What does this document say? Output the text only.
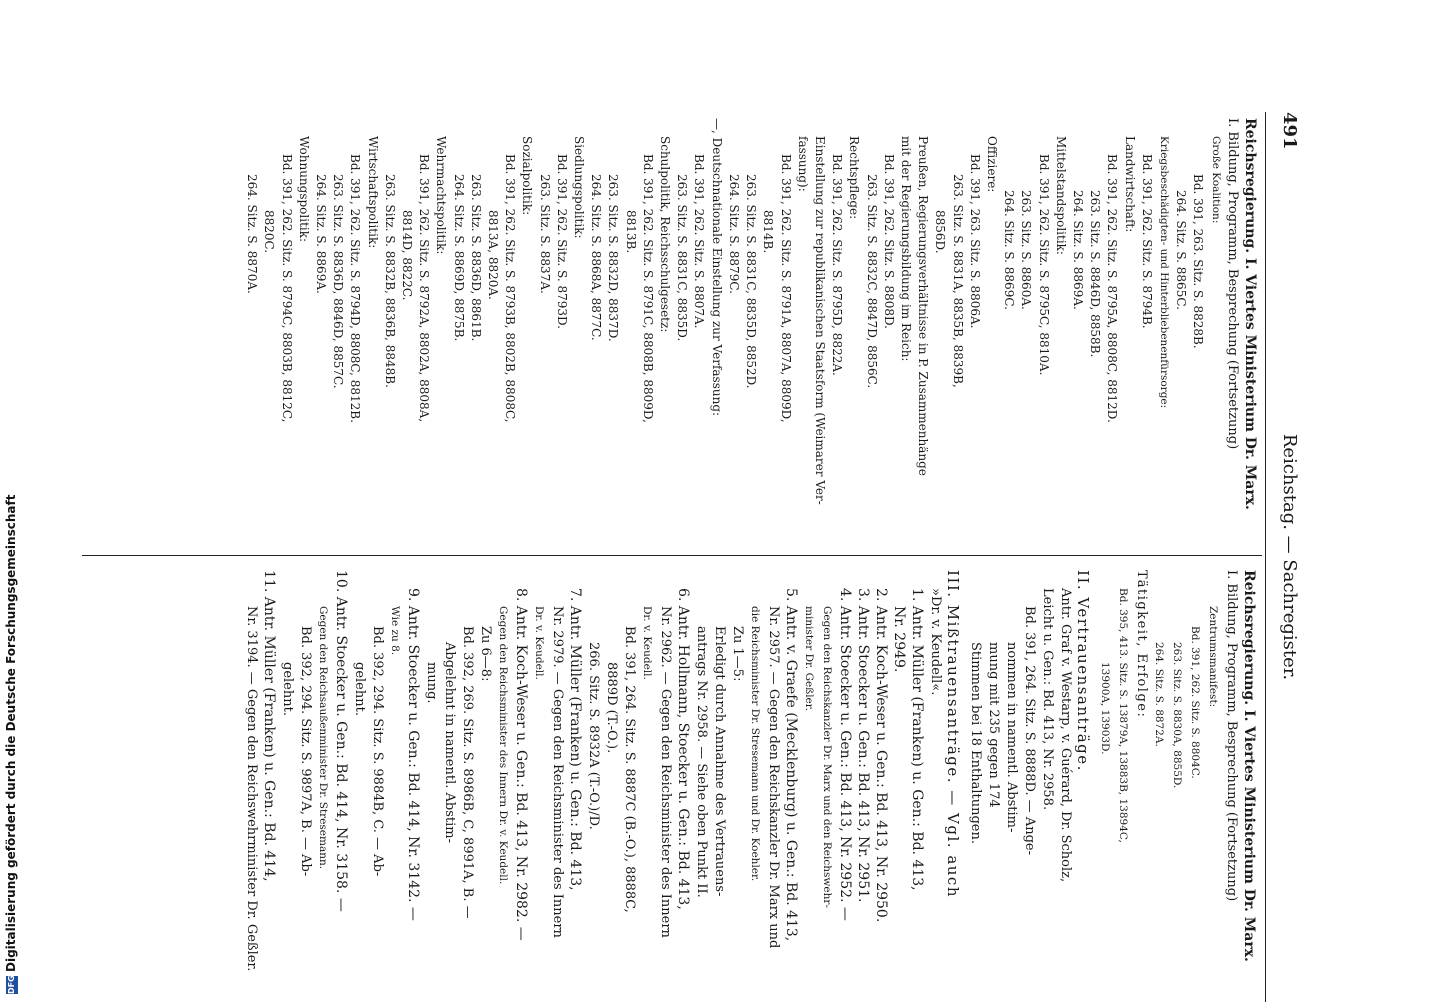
491
Reichstag. — Sachregister.
Reichsregierung. I. Viertes Ministerium Dr. Marx.
I. Bildung, Programm, Besprechung (Fortsetzung)
Große Koalition:
Bd. 391, 263. Sitz. S. 8828B.
264. Sitz. S. 8865C.
Kriegsbeschädigten- und Hinterbliebenenfürsorge:
Bd. 391, 262. Sitz. S. 8794B.
Landwirtschaft:
Bd. 391, 262. Sitz. S. 8795A, 8808C, 8812D.
263. Sitz. S. 8846D, 8858B.
264. Sitz. S. 8869A.
Mittelstandspolitik:
Bd. 391, 262. Sitz. S. 8795C, 8810A.
263. Sitz. S. 8860A.
264. Sitz. S. 8869C.
Offiziere:
Bd. 391, 263. Sitz. S. 8806A.
263. Sitz. S. 8831A, 8835B, 8839B,
8856D.
Preußen, Regierungsverhältnisse in P. Zusammenhänge
mit der Regierungsbildung im Reich:
Bd. 391, 262. Sitz. S. 8808D.
263. Sitz. S. 8832C, 8847D, 8856C.
Rechtspflege:
Bd. 391, 262. Sitz. S. 8795D, 8822A.
Einstellung zur republikanischen Staatsform (Weimarer Ver-
fassung):
Bd. 391, 262. Sitz. S. 8791A, 8807A, 8809D,
8814B.
263. Sitz. S. 8831C, 8835D, 8852D.
264. Sitz. S. 8879C.
—, Deutschnationale Einstellung zur Verfassung:
Bd. 391, 262. Sitz. S. 8807A.
263. Sitz. S. 8831C, 8835D.
Schulpolitik, Reichsschulgesetz:
Bd. 391, 262. Sitz. S. 8791C, 8808B, 8809D,
8813B.
263. Sitz. S. 8832D, 8837D.
264. Sitz. S. 8868A, 8877C.
Siedlungspolitik:
Bd. 391, 262. Sitz. S. 8793D.
263. Sitz. S. 8837A.
Sozialpolitik:
Bd. 391, 262. Sitz. S. 8793B, 8802B, 8808C,
8813A, 8820A.
263. Sitz. S. 8836D, 8861B.
264. Sitz. S. 8869D, 8875B.
Wehrmachtspolitik:
Bd. 391, 262. Sitz. S. 8792A, 8802A, 8808A,
8814D, 8822C.
263. Sitz. S. 8832B, 8836B, 8848B.
Wirtschaftspolitik:
Bd. 391, 262. Sitz. S. 8794D, 8808C, 8812B.
263. Sitz. S. 8836D, 8846D, 8857C.
264. Sitz. S. 8869A.
Wohnungspolitik:
Bd. 391, 262. Sitz. S. 8794C, 8803B, 8812C,
8820C.
264. Sitz. S. 8870A.
Reichsregierung. I. Viertes Ministerium Dr. Marx.
I. Bildung, Programm, Besprechung (Fortsetzung)
Zentrumsmanifest:
Bd. 391, 262. Sitz. S. 8804C.
263. Sitz. S. 8830A, 8855D.
264. Sitz. S. 8872A.
Tätigkeit, Erfolge:
Bd. 395, 413. Sitz. S. 13879A, 13883B, 13894C,
13900A, 13903D.
II. Vertrauensanträge.
Antr. Graf v. Westarp, v. Guérard, Dr. Scholz,
Leicht u. Gen.: Bd. 413, Nr. 2958.
Bd. 391, 264. Sitz. S. 8888D. — Ange-
nommen in namentl. Abstim-
mung mit 235 gegen 174
Stimmen bei 18 Enthaltungen.
III. Mißtrauensanträge. — Vgl. auch
»Dr. v. Keudell«.
1. Antr. Müller (Franken) u. Gen.: Bd. 413,
Nr. 2949.
2. Antr. Koch-Weser u. Gen.: Bd. 413, Nr. 2950.
3. Antr. Stoecker u. Gen.: Bd. 413, Nr. 2951.
4. Antr. Stoecker u. Gen.: Bd. 413, Nr. 2952. —
Gegen den Reichskanzler Dr. Marx und den Reichswehr-
minister Dr. Geßler.
5. Antr. v. Graefe (Mecklenburg) u. Gen.: Bd. 413,
Nr. 2957. — Gegen den Reichskanzler Dr. Marx und
die Reichsminister Dr. Stresemann und Dr. Koehler.
Zu 1—5:
Erledigt durch Annahme des Vertrauens-
antrags Nr. 2958. — Siehe oben Punkt II.
6. Antr. Hollmann, Stoecker u. Gen.: Bd. 413,
Nr. 2962. — Gegen den Reichsminister des Innern
Dr. v. Keudell.
Bd. 391, 264. Sitz. S. 8887C (B.-O.), 8888C,
8889D (T.-O.).
266. Sitz. S. 8932A (T.-O.)/D.
7. Antr. Müller (Franken) u. Gen.: Bd. 413,
Nr. 2979. — Gegen den Reichsminister des Innern
Dr. v. Keudell.
8. Antr. Koch-Weser u. Gen.: Bd. 413, Nr. 2982. —
Gegen den Reichsminister des Innern Dr. v. Keudell.
Zu 6—8:
Bd. 392, 269. Sitz. S. 8986B, C, 8991A, B. —
Abgelehnt in namentl. Abstim-
mung.
9. Antr. Stoecker u. Gen.: Bd. 414, Nr. 3142. —
Wie zu 8.
Bd. 392, 294. Sitz. S. 9884B, C. — Ab-
gelehnt.
10. Antr. Stoecker u. Gen.: Bd. 414, Nr. 3158. —
Gegen den Reichsaußenminister Dr. Stresemann.
Bd. 392, 294. Sitz. S. 9897A, B. — Ab-
gelehnt.
11. Antr. Müller (Franken) u. Gen.: Bd. 414,
Nr. 3194. — Gegen den Reichswehrminister Dr. Geßler.
DFG
Digitalisierung gefördert durch die Deutsche Forschungsgemeinschaft
